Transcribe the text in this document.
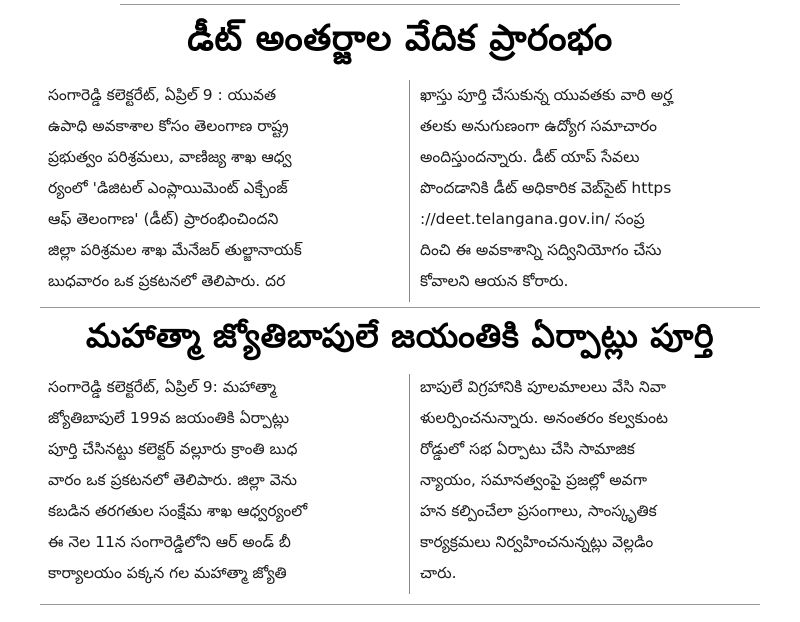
డీట్ అంతర్జాల వేదిక ప్రారంభం
సంగారెడ్డి కలెక్టరేట్, ఏప్రిల్ 9 : యువత
ఉపాధి అవకాశాల కోసం తెలంగాణ రాష్ట్ర
ప్రభుత్వం పరిశ్రమలు, వాణిజ్య శాఖ ఆధ్వ
ర్యంలో 'డిజిటల్ ఎంప్లాయిమెంట్ ఎక్చేంజ్
ఆఫ్ తెలంగాణ' (డీట్) ప్రారంభించిందని
జిల్లా పరిశ్రమల శాఖ మేనేజర్ తుల్జానాయక్
బుధవారం ఒక ప్రకటనలో తెలిపారు. దర
ఖాస్తు పూర్తి చేసుకున్న యువతకు వారి అర్హ
తలకు అనుగుణంగా ఉద్యోగ సమాచారం
అందిస్తుందన్నారు. డీట్ యాప్ సేవలు
పొందడానికి డీట్ అధికారిక వెబ్‌సైట్ https
://deet.telangana.gov.in/ సంప్ర
దించి ఈ అవకాశాన్ని సద్వినియోగం చేసు
కోవాలని ఆయన కోరారు.
మహాత్మా జ్యోతిబాపులే జయంతికి ఏర్పాట్లు పూర్తి
సంగారెడ్డి కలెక్టరేట్, ఏప్రిల్ 9: మహాత్మా
జ్యోతిబాపులే 199వ జయంతికి ఏర్పాట్లు
పూర్తి చేసినట్టు కలెక్టర్ వల్లూరు క్రాంతి బుధ
వారం ఒక ప్రకటనలో తెలిపారు. జిల్లా వెను
కబడిన తరగతుల సంక్షేమ శాఖ ఆధ్వర్యంలో
ఈ నెల 11న సంగారెడ్డిలోని ఆర్ అండ్ బీ
కార్యాలయం పక్కన గల మహాత్మా జ్యోతి
బాపులే విగ్రహానికి పూలమాలలు వేసి నివా
ళులర్పించనున్నారు. అనంతరం కల్వకుంట
రోడ్డులో సభ ఏర్పాటు చేసి సామాజిక
న్యాయం, సమానత్వంపై ప్రజల్లో అవగా
హన కల్పించేలా ప్రసంగాలు, సాంస్కృతిక
కార్యక్రమలు నిర్వహించనున్నట్లు వెల్లడిం
చారు.
